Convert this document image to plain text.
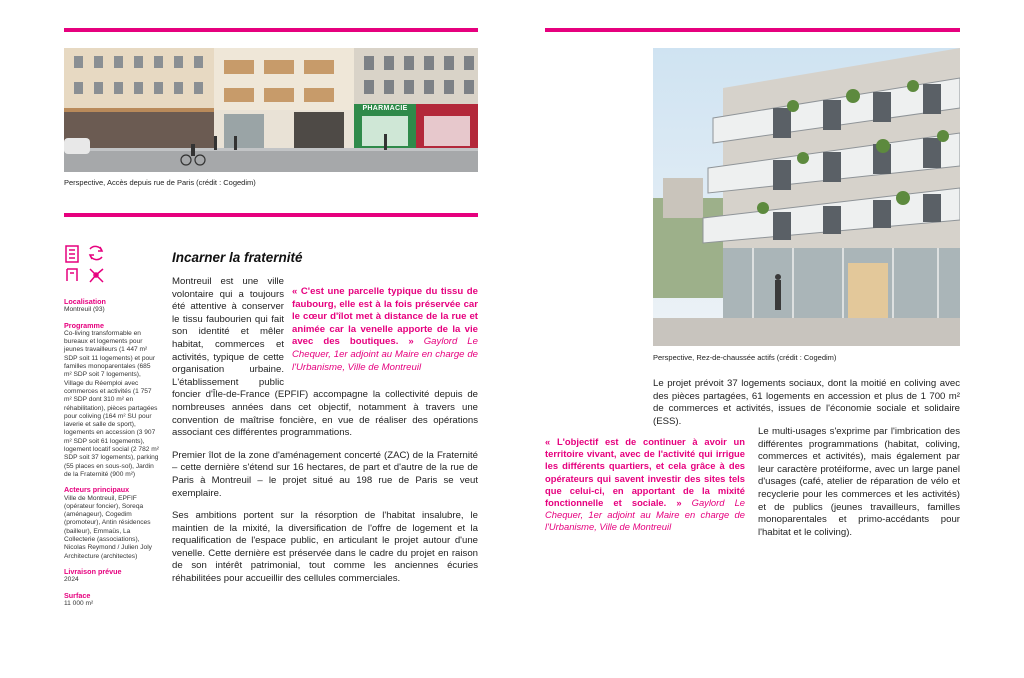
PHARMACIE
Perspective, Accès depuis rue de Paris (crédit : Cogedim)
Localisation
Montreuil (93)
Programme
Co-living transformable en bureaux et logements pour jeunes travailleurs (1 447 m² SDP soit 11 logements) et pour familles monoparentales (685 m² SDP soit 7 logements), Village du Réemploi avec commerces et activités (1 757 m² SDP dont 310 m² en réhabilitation), pièces partagées pour coliving (164 m² SU pour laverie et salle de sport), logements en accession (3 907 m² SDP soit 61 logements), logement locatif social (2 782 m² SDP soit 37 logements), parking (55 places en sous-sol), Jardin de la Fraternité (900 m²)
Acteurs principaux
Ville de Montreuil, EPFIF (opérateur foncier), Soreqa (aménageur), Cogedim (promoteur), Antin résidences (bailleur), Emmaüs, La Collecterie (associations), Nicolas Reymond / Julien Joly Architecture (architectes)
Livraison prévue
2024
Surface
11 000 m²
Incarner la fraternité

« C'est une parcelle typique du tissu de faubourg, elle est à la fois préservée car le cœur d'îlot met à distance de la rue et animée car la venelle apporte de la vie avec des boutiques. » Gaylord Le Chequer, 1er adjoint au Maire en charge de l'Urbanisme, Ville de Montreuil
Montreuil est une ville volontaire qui a toujours été attentive à conserver le tissu faubourien qui fait son identité et mêler habitat, commerces et activités, typique de cette organisation urbaine. L'établissement public foncier d'Île-de-France (EPFIF) accompagne la collectivité depuis de nombreuses années dans cet objectif, notamment à travers une convention de maîtrise foncière, en vue de réaliser des opérations associant ces différentes programmations.

Premier îlot de la zone d'aménagement concerté (ZAC) de la Fraternité – cette dernière s'étend sur 16 hectares, de part et d'autre de la rue de Paris à Montreuil – le projet situé au 198 rue de Paris se veut exemplaire.

Ses ambitions portent sur la résorption de l'habitat insalubre, le maintien de la mixité, la diversification de l'offre de logement et la requalification de l'espace public, en articulant le projet autour d'une venelle. Cette dernière est préservée dans le cadre du projet en raison de son intérêt patrimonial, tout comme les anciennes écuries réhabilitées pour accueillir des cellules commerciales.

Perspective, Rez-de-chaussée actifs (crédit : Cogedim)
Le projet prévoit 37 logements sociaux, dont la moitié en coliving avec des pièces partagées, 61 logements en accession et plus de 1 700 m² de commerces et activités, issues de l'économie sociale et solidaire (ESS).
« L'objectif est de continuer à avoir un territoire vivant, avec de l'activité qui irrigue les différents quartiers, et cela grâce à des opérateurs qui savent investir des sites tels que celui-ci, en apportant de la mixité fonctionnelle et sociale. » Gaylord Le Chequer, 1er adjoint au Maire en charge de l'Urbanisme, Ville de Montreuil
Le multi-usages s'exprime par l'imbrication des différentes programmations (habitat, coliving, commerces et activités), mais également par leur caractère protéiforme, avec un large panel d'usages (café, atelier de réparation de vélo et recyclerie pour les commerces et les activités) et de publics (jeunes travailleurs, familles monoparentales et primo-accédants pour l'habitat et le coliving).
